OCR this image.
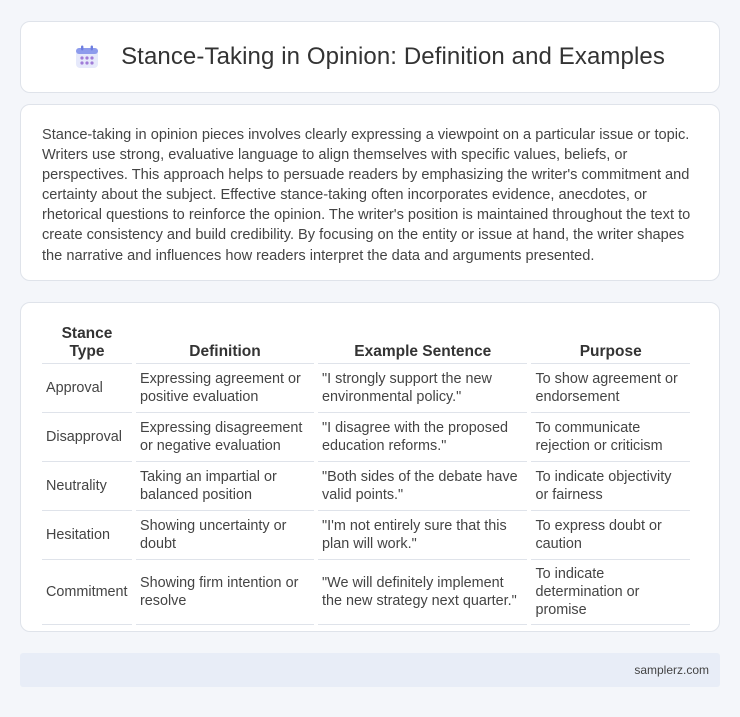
Stance-Taking in Opinion: Definition and Examples

Stance-taking in opinion pieces involves clearly expressing a viewpoint on a particular issue or topic. Writers use strong, evaluative language to align themselves with specific values, beliefs, or perspectives. This approach helps to persuade readers by emphasizing the writer's commitment and certainty about the subject. Effective stance-taking often incorporates evidence, anecdotes, or rhetorical questions to reinforce the opinion. The writer's position is maintained throughout the text to create consistency and build credibility. By focusing on the entity or issue at hand, the writer shapes the narrative and influences how readers interpret the data and arguments presented.

Stance Type	Definition	Example Sentence	Purpose
Approval	Expressing agreement or positive evaluation	"I strongly support the new environmental policy."	To show agreement or endorsement
Disapproval	Expressing disagreement or negative evaluation	"I disagree with the proposed education reforms."	To communicate rejection or criticism
Neutrality	Taking an impartial or balanced position	"Both sides of the debate have valid points."	To indicate objectivity or fairness
Hesitation	Showing uncertainty or doubt	"I'm not entirely sure that this plan will work."	To express doubt or caution
Commitment	Showing firm intention or resolve	"We will definitely implement the new strategy next quarter."	To indicate determination or promise
samplerz.com
